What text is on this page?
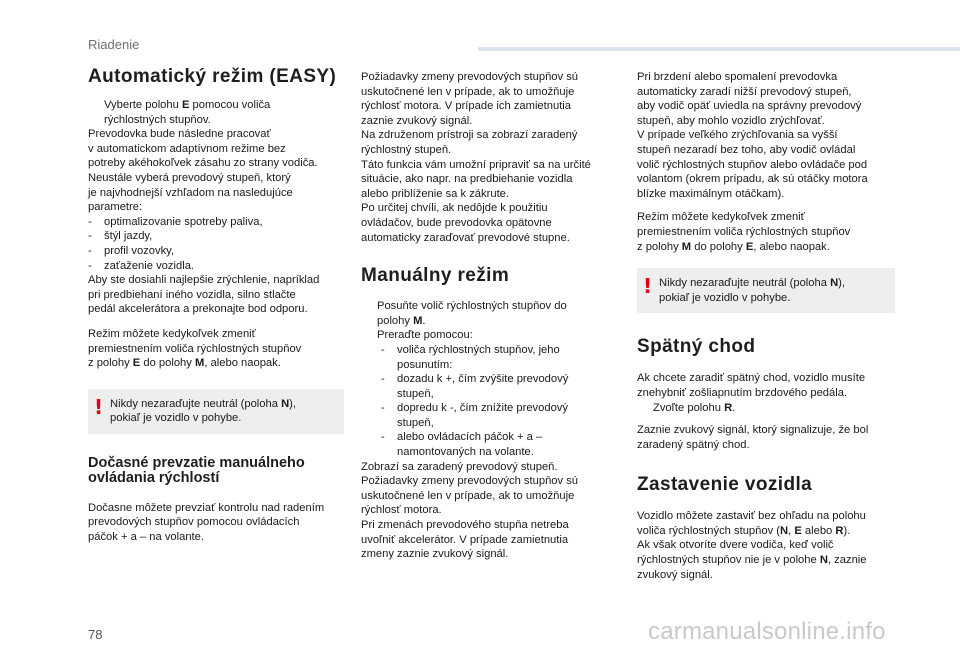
Riadenie
Automatický režim (EASY)
Vyberte polohu E pomocou voliča
rýchlostných stupňov.
Prevodovka bude následne pracovať
v automatickom adaptívnom režime bez
potreby akéhokoľvek zásahu zo strany vodiča.
Neustále vyberá prevodový stupeň, ktorý
je najvhodnejší vzhľadom na nasledujúce
parametre:
- optimalizovanie spotreby paliva,
- štýl jazdy,
- profil vozovky,
- zaťaženie vozidla.
Aby ste dosiahli najlepšie zrýchlenie, napríklad
pri predbiehaní iného vozidla, silno stlačte
pedál akcelerátora a prekonajte bod odporu.
Režim môžete kedykoľvek zmeniť
premiestnením voliča rýchlostných stupňov
z polohy E do polohy M, alebo naopak.
! Nikdy nezaraďujte neutrál (poloha N),
pokiaľ je vozidlo v pohybe.
Dočasné prevzatie manuálneho
ovládania rýchlostí
Dočasne môžete prevziať kontrolu nad radením
prevodových stupňov pomocou ovládacích
páčok + a – na volante.
Požiadavky zmeny prevodových stupňov sú
uskutočnené len v prípade, ak to umožňuje
rýchlosť motora. V prípade ich zamietnutia
zaznie zvukový signál.
Na združenom prístroji sa zobrazí zaradený
rýchlostný stupeň.
Táto funkcia vám umožní pripraviť sa na určité
situácie, ako napr. na predbiehanie vozidla
alebo priblíženie sa k zákrute.
Po určitej chvíli, ak nedôjde k použitiu
ovládačov, bude prevodovka opätovne
automaticky zaraďovať prevodové stupne.
Manuálny režim
Posuňte volič rýchlostných stupňov do
polohy M.
Preraďte pomocou:
- voliča rýchlostných stupňov, jeho
posunutím:
- dozadu k +, čím zvýšite prevodový
stupeň,
- dopredu k -, čím znížite prevodový
stupeň,
- alebo ovládacích páčok + a –
namontovaných na volante.
Zobrazí sa zaradený prevodový stupeň.
Požiadavky zmeny prevodových stupňov sú
uskutočnené len v prípade, ak to umožňuje
rýchlosť motora.
Pri zmenách prevodového stupňa netreba
uvoľniť akcelerátor. V prípade zamietnutia
zmeny zaznie zvukový signál.
Pri brzdení alebo spomalení prevodovka
automaticky zaradí nižší prevodový stupeň,
aby vodič opäť uviedla na správny prevodový
stupeň, aby mohlo vozidlo zrýchľovať.
V prípade veľkého zrýchľovania sa vyšší
stupeň nezaradí bez toho, aby vodič ovládal
volič rýchlostných stupňov alebo ovládače pod
volantom (okrem prípadu, ak sú otáčky motora
blízke maximálnym otáčkam).
Režim môžete kedykoľvek zmeniť
premiestnením voliča rýchlostných stupňov
z polohy M do polohy E, alebo naopak.
! Nikdy nezaraďujte neutrál (poloha N),
pokiaľ je vozidlo v pohybe.
Spätný chod
Ak chcete zaradiť spätný chod, vozidlo musíte
znehybniť zošliapnutím brzdového pedála.
Zvoľte polohu R.
Zaznie zvukový signál, ktorý signalizuje, že bol
zaradený spätný chod.
Zastavenie vozidla
Vozidlo môžete zastaviť bez ohľadu na polohu
voliča rýchlostných stupňov (N, E alebo R).
Ak však otvoríte dvere vodiča, keď volič
rýchlostných stupňov nie je v polohe N, zaznie
zvukový signál.
78	carmanualsonline.info
